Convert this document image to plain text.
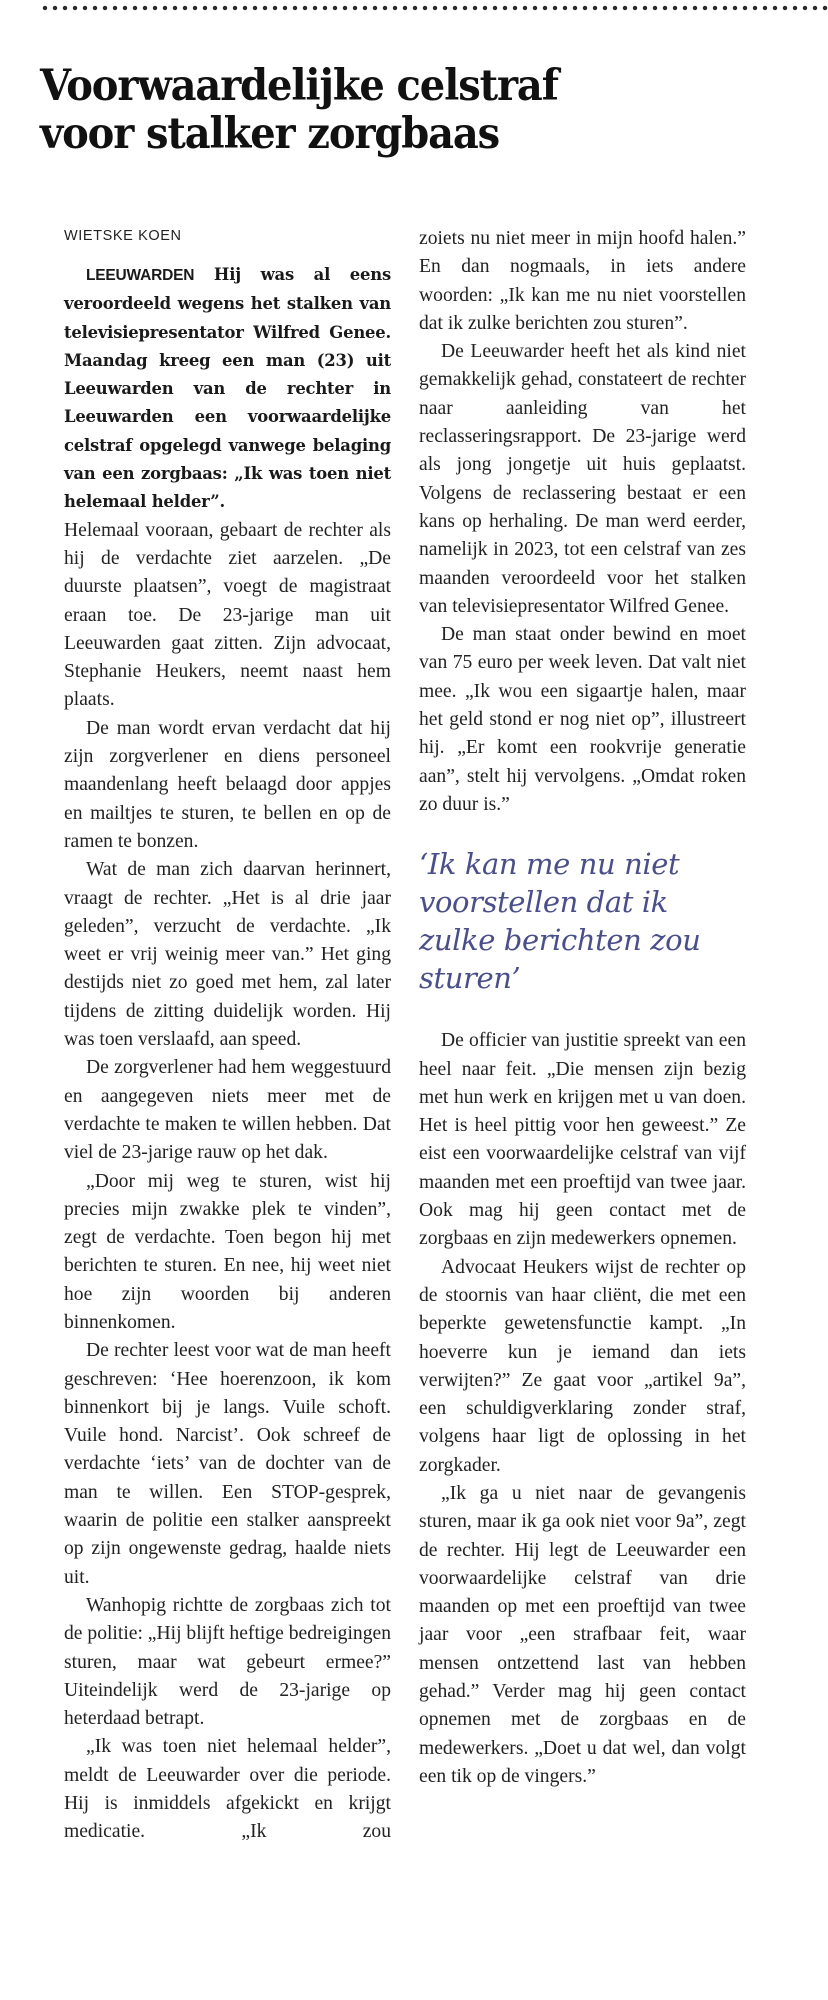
Voorwaardelijke celstraf
voor stalker zorgbaas
WIETSKE KOEN

LEEUWARDEN Hij was al eens veroordeeld wegens het stalken van televisiepresentator Wilfred Genee. Maandag kreeg een man (23) uit Leeuwarden van de rechter in Leeuwarden een voorwaardelijke celstraf opgelegd vanwege belaging van een zorgbaas: „Ik was toen niet helemaal helder”.

Helemaal vooraan, gebaart de rechter als hij de verdachte ziet aarzelen. „De duurste plaatsen”, voegt de magistraat eraan toe. De 23-jarige man uit Leeuwarden gaat zitten. Zijn advocaat, Stephanie Heukers, neemt naast hem plaats.

De man wordt ervan verdacht dat hij zijn zorgverlener en diens personeel maandenlang heeft belaagd door appjes en mailtjes te sturen, te bellen en op de ramen te bonzen.

Wat de man zich daarvan herinnert, vraagt de rechter. „Het is al drie jaar geleden”, verzucht de verdachte. „Ik weet er vrij weinig meer van.” Het ging destijds niet zo goed met hem, zal later tijdens de zitting duidelijk worden. Hij was toen verslaafd, aan speed.

De zorgverlener had hem weggestuurd en aangegeven niets meer met de verdachte te maken te willen hebben. Dat viel de 23-jarige rauw op het dak.

„Door mij weg te sturen, wist hij precies mijn zwakke plek te vinden”, zegt de verdachte. Toen begon hij met berichten te sturen. En nee, hij weet niet hoe zijn woorden bij anderen binnenkomen.

De rechter leest voor wat de man heeft geschreven: ‘Hee hoerenzoon, ik kom binnenkort bij je langs. Vuile schoft. Vuile hond. Narcist’. Ook schreef de verdachte ‘iets’ van de dochter van de man te willen. Een STOP-gesprek, waarin de politie een stalker aanspreekt op zijn ongewenste gedrag, haalde niets uit.

Wanhopig richtte de zorgbaas zich tot de politie: „Hij blijft heftige bedreigingen sturen, maar wat gebeurt ermee?” Uiteindelijk werd de 23-jarige op heterdaad betrapt.

„Ik was toen niet helemaal helder”, meldt de Leeuwarder over die periode. Hij is inmiddels afgekickt en krijgt medicatie. „Ik zou

zoiets nu niet meer in mijn hoofd halen.” En dan nogmaals, in iets andere woorden: „Ik kan me nu niet voorstellen dat ik zulke berichten zou sturen”.

De Leeuwarder heeft het als kind niet gemakkelijk gehad, constateert de rechter naar aanleiding van het reclasseringsrapport. De 23-jarige werd als jong jongetje uit huis geplaatst. Volgens de reclassering bestaat er een kans op herhaling. De man werd eerder, namelijk in 2023, tot een celstraf van zes maanden veroordeeld voor het stalken van televisiepresentator Wilfred Genee.

De man staat onder bewind en moet van 75 euro per week leven. Dat valt niet mee. „Ik wou een sigaartje halen, maar het geld stond er nog niet op”, illustreert hij. „Er komt een rookvrije generatie aan”, stelt hij vervolgens. „Omdat roken zo duur is.”

‘Ik kan me nu niet voorstellen dat ik zulke berichten zou sturen’

De officier van justitie spreekt van een heel naar feit. „Die mensen zijn bezig met hun werk en krijgen met u van doen. Het is heel pittig voor hen geweest.” Ze eist een voorwaardelijke celstraf van vijf maanden met een proeftijd van twee jaar. Ook mag hij geen contact met de zorgbaas en zijn medewerkers opnemen.

Advocaat Heukers wijst de rechter op de stoornis van haar cliënt, die met een beperkte gewetensfunctie kampt. „In hoeverre kun je iemand dan iets verwijten?” Ze gaat voor „artikel 9a”, een schuldigverklaring zonder straf, volgens haar ligt de oplossing in het zorgkader.

„Ik ga u niet naar de gevangenis sturen, maar ik ga ook niet voor 9a”, zegt de rechter. Hij legt de Leeuwarder een voorwaardelijke celstraf van drie maanden op met een proeftijd van twee jaar voor „een strafbaar feit, waar mensen ontzettend last van hebben gehad.” Verder mag hij geen contact opnemen met de zorgbaas en de medewerkers. „Doet u dat wel, dan volgt een tik op de vingers.”
